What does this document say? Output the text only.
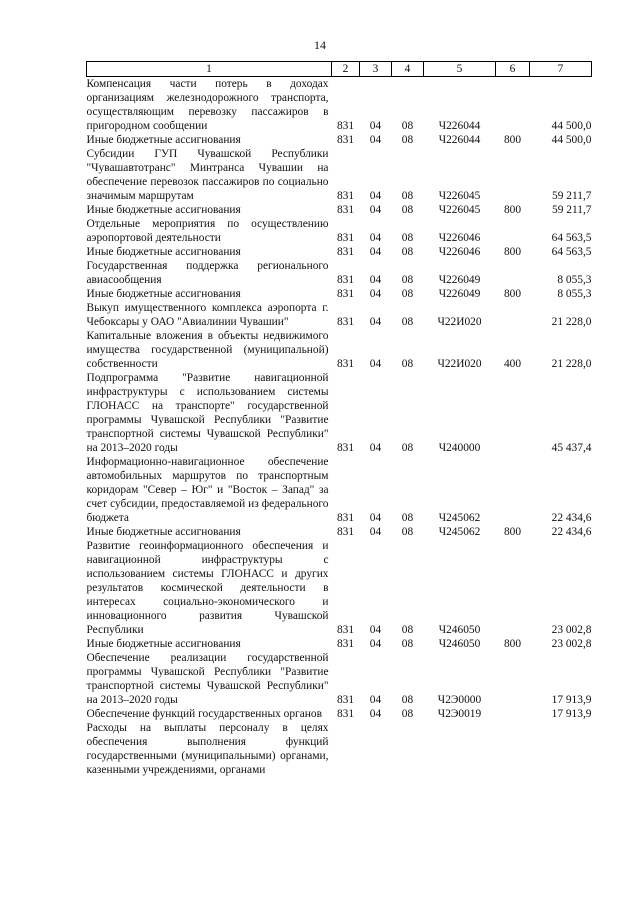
14
1	2	3	4	5	6	7
Компенсация части потерь в доходах организациям железнодорожного транспорта, осуществляющим перевозку пассажиров в пригородном сообщении	831	04	08	Ч226044		44 500,0
Иные бюджетные ассигнования	831	04	08	Ч226044	800	44 500,0
Субсидии ГУП Чувашской Республики "Чувашавтотранс" Минтранса Чувашии на обеспечение перевозок пассажиров по социально значимым маршрутам	831	04	08	Ч226045		59 211,7
Иные бюджетные ассигнования	831	04	08	Ч226045	800	59 211,7
Отдельные мероприятия по осуществлению аэропортовой деятельности	831	04	08	Ч226046		64 563,5
Иные бюджетные ассигнования	831	04	08	Ч226046	800	64 563,5
Государственная поддержка регионального авиасообщения	831	04	08	Ч226049		8 055,3
Иные бюджетные ассигнования	831	04	08	Ч226049	800	8 055,3
Выкуп имущественного комплекса аэропорта г. Чебоксары у ОАО "Авиалинии Чувашии"	831	04	08	Ч22И020		21 228,0
Капитальные вложения в объекты недвижимого имущества государственной (муниципальной) собственности	831	04	08	Ч22И020	400	21 228,0
Подпрограмма "Развитие навигационной инфраструктуры с использованием системы ГЛОНАСС на транспорте" государственной программы Чувашской Республики "Развитие транспортной системы Чувашской Республики" на 2013–2020 годы	831	04	08	Ч240000		45 437,4
Информационно-навигационное обеспечение автомобильных маршрутов по транспортным коридорам "Север – Юг" и "Восток – Запад" за счет субсидии, предоставляемой из федерального бюджета	831	04	08	Ч245062		22 434,6
Иные бюджетные ассигнования	831	04	08	Ч245062	800	22 434,6
Развитие геоинформационного обеспечения и навигационной инфраструктуры с использованием системы ГЛОНАСС и других результатов космической деятельности в интересах социально-экономического и инновационного развития Чувашской Республики	831	04	08	Ч246050		23 002,8
Иные бюджетные ассигнования	831	04	08	Ч246050	800	23 002,8
Обеспечение реализации государственной программы Чувашской Республики "Развитие транспортной системы Чувашской Республики" на 2013–2020 годы	831	04	08	Ч2Э0000		17 913,9
Обеспечение функций государственных органов	831	04	08	Ч2Э0019		17 913,9
Расходы на выплаты персоналу в целях обеспечения выполнения функций государственными (муниципальными) органами, казенными учреждениями, органами						
